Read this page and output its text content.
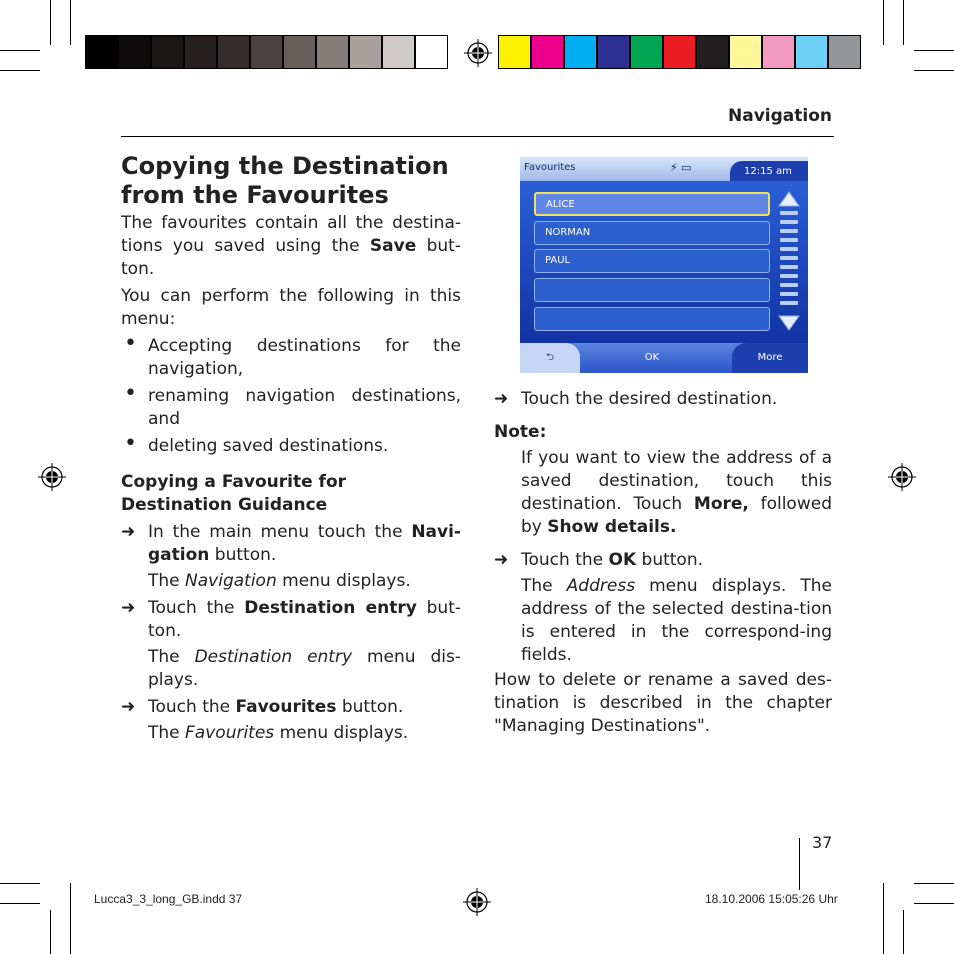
Navigation
Copying the Destination
from the Favourites

The favourites contain all the destina-tions you saved using the Save but-ton.

You can perform the following in this menu:

• Accepting destinations for the navigation,
• renaming navigation destinations, and
• deleting saved destinations.
Copying a Favourite for Destination Guidance
➜ In the main menu touch the Navi-gation button.
The Navigation menu displays.
➜ Touch the Destination entry but-ton.
The Destination entry menu dis-plays.
➜ Touch the Favourites button.
The Favourites menu displays.
Favourites	⚡ ▭	12:15 am
ALICE
NORMAN
PAUL
⮌	OK	More
➜ Touch the desired destination.
Note:
If you want to view the address of a saved destination, touch this destination. Touch More, followed by Show details.
➜ Touch the OK button.
The Address menu displays. The address of the selected destina-tion is entered in the correspond-ing fields.

How to delete or rename a saved des-tination is described in the chapter "Managing Destinations".

37
Lucca3_3_long_GB.indd 37	18.10.2006 15:05:26 Uhr
